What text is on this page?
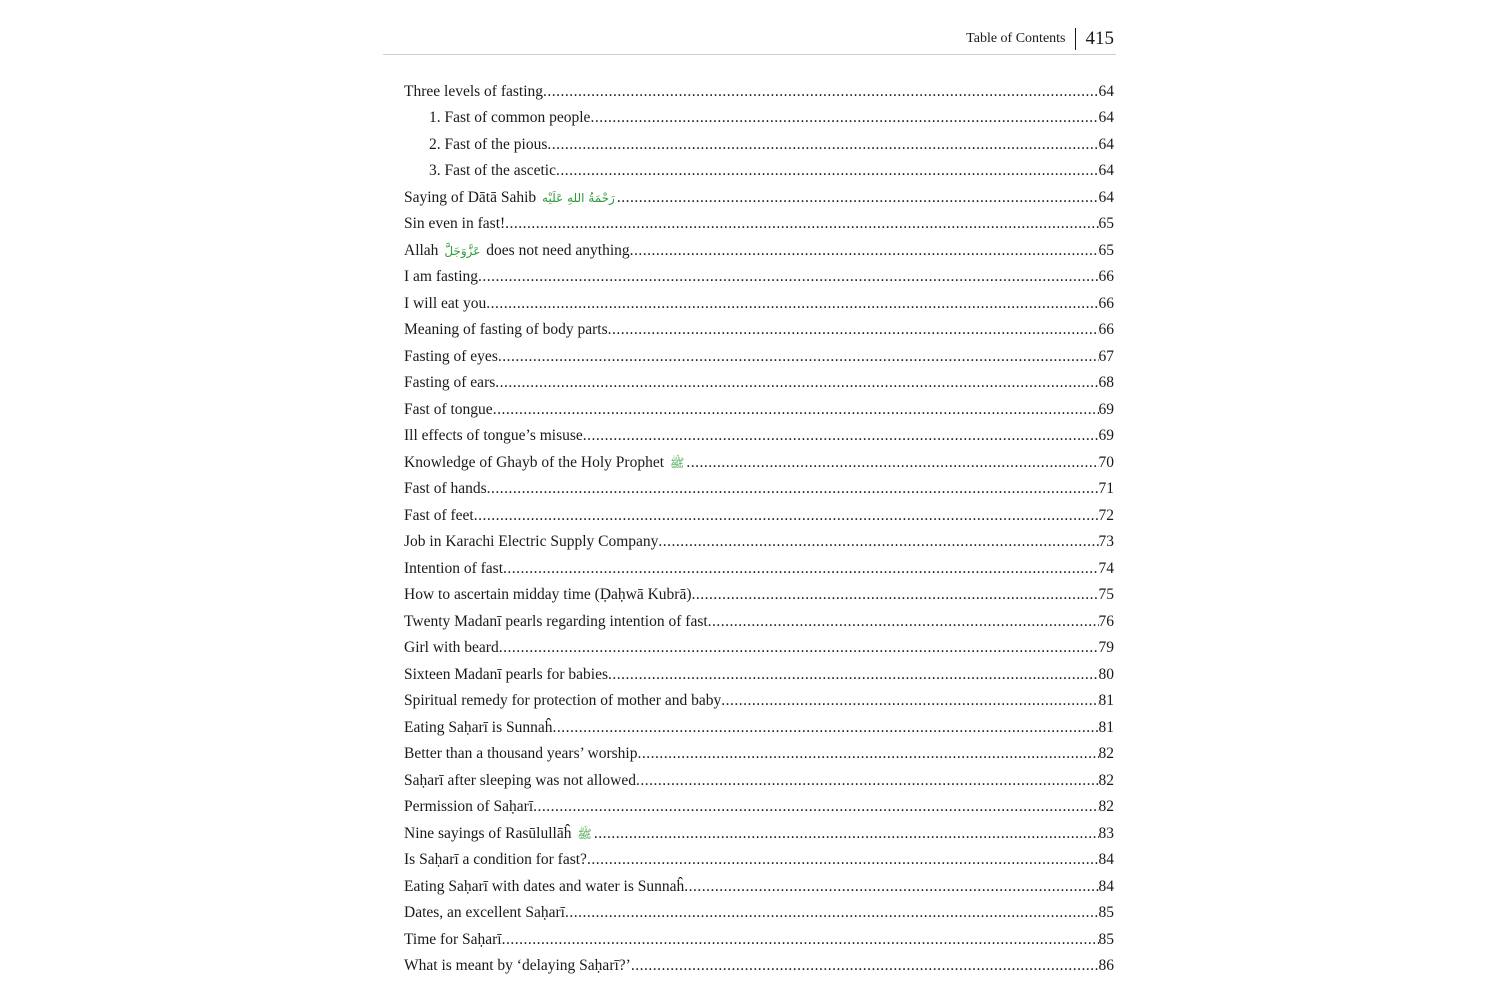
Table of Contents	415
Three levels of fasting .....	64
1. Fast of common people .....	64
2. Fast of the pious .....	64
3. Fast of the ascetic .....	64
Saying of Dātā Sahib رَحْمَةُ اللهِ عَلَيْه .....	64
Sin even in fast! .....	65
Allah عَزَّوَجَلَّ does not need anything .....	65
I am fasting .....	66
I will eat you .....	66
Meaning of fasting of body parts .....	66
Fasting of eyes .....	67
Fasting of ears .....	68
Fast of tongue .....	69
Ill effects of tongue’s misuse .....	69
Knowledge of Ghayb of the Holy Prophet ﷺ .....	70
Fast of hands .....	71
Fast of feet .....	72
Job in Karachi Electric Supply Company .....	73
Intention of fast .....	74
How to ascertain midday time (Ḍaḥwā Kubrā) .....	75
Twenty Madanī pearls regarding intention of fast .....	76
Girl with beard .....	79
Sixteen Madanī pearls for babies .....	80
Spiritual remedy for protection of mother and baby .....	81
Eating Saḥarī is Sunnaĥ .....	81
Better than a thousand years’ worship .....	82
Saḥarī after sleeping was not allowed .....	82
Permission of Saḥarī .....	82
Nine sayings of Rasūlullāĥ ﷺ .....	83
Is Saḥarī a condition for fast? .....	84
Eating Saḥarī with dates and water is Sunnaĥ .....	84
Dates, an excellent Saḥarī .....	85
Time for Saḥarī .....	85
What is meant by ‘delaying Saḥarī?’ .....	86
